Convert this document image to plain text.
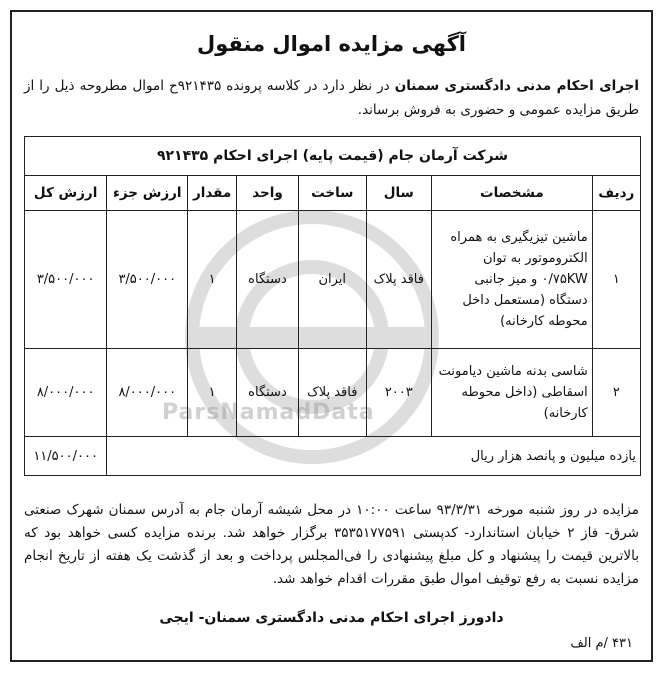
ParsNamadData
آگهی مزایده اموال منقول
اجرای احکام مدنی دادگستری سمنان در نظر دارد در کلاسه پرونده ۹۲۱۴۳۵ح اموال مطروحه ذیل را از طریق مزایده عمومی و حضوری به فروش برساند.
شرکت آرمان جام (قیمت پایه) اجرای احکام ۹۲۱۴۳۵							
ردیف	مشخصات	سال	ساخت	واحد	مقدار	ارزش جزء	ارزش کل
۱	ماشین تیزیگیری به همراه الکتروموتور به توان ۰/۷۵KW و میز جانبی دستگاه (مستعمل داخل محوطه کارخانه)	فاقد پلاک	ایران	دستگاه	۱	۳/۵۰۰/۰۰۰	۳/۵۰۰/۰۰۰
۲	شاسی بدنه ماشین دیامونت اسقاطی (داخل محوطه کارخانه)	۲۰۰۳	فاقد پلاک	دستگاه	۱	۸/۰۰۰/۰۰۰	۸/۰۰۰/۰۰۰
یازده میلیون و پانصد هزار ریال							۱۱/۵۰۰/۰۰۰
مزایده در روز شنبه مورخه ۹۳/۳/۳۱ ساعت ۱۰:۰۰ در محل شیشه آرمان جام به آدرس سمنان شهرک صنعتی شرق- فاز ۲ خیابان استاندارد- کدپستی ۳۵۳۵۱۷۷۵۹۱ برگزار خواهد شد. برنده مزایده کسی خواهد بود که بالاترین قیمت را پیشنهاد و کل مبلغ پیشنهادی را فی‌المجلس پرداخت و بعد از گذشت یک هفته از تاریخ انجام مزایده نسبت به رفع توقیف اموال طبق مقررات اقدام خواهد شد.
دادورز اجرای احکام مدنی دادگستری سمنان- ایجی
۴۳۱ /م الف
